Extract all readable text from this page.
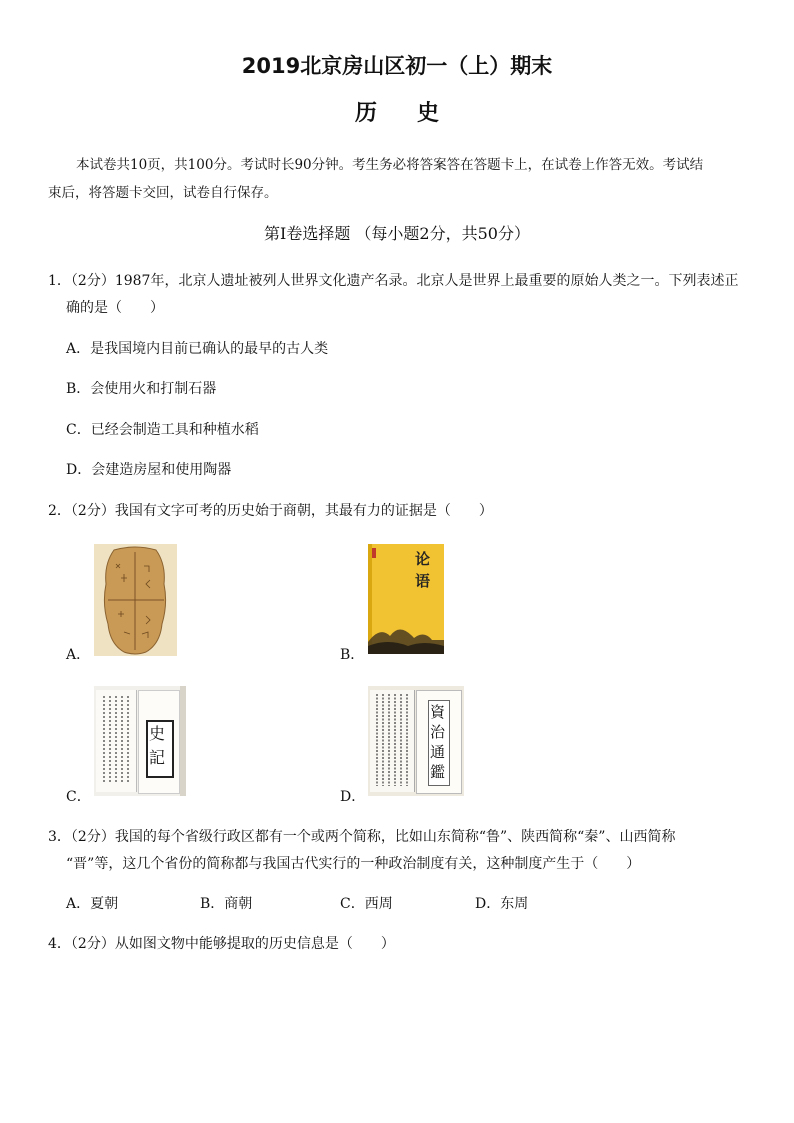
2019北京房山区初一（上）期末
历史
本试卷共10页，共100分。考试时长90分钟。考生务必将答案答在答题卡上，在试卷上作答无效。考试结
束后，将答题卡交回，试卷自行保存。
第Ⅰ卷选择题 （每小题2分，共50分）
1．（2分）1987年，北京人遗址被列人世界文化遗产名录。北京人是世界上最重要的原始人类之一。下列表述正
确的是（　　）
A．是我国境内目前已确认的最早的古人类
B．会使用火和打制石器
C．已经会制造工具和种植水稻
D．会建造房屋和使用陶器
2．（2分）我国有文字可考的历史始于商朝，其最有力的证据是（　　）
A．	B．
论语
C．
史記
D．
資治通鑑
3．（2分）我国的每个省级行政区都有一个或两个简称，比如山东简称“鲁”、陕西简称“秦”、山西简称
“晋”等，这几个省份的简称都与我国古代实行的一种政治制度有关，这种制度产生于（　　）
A．夏朝	B．商朝	C．西周	D．东周
4．（2分）从如图文物中能够提取的历史信息是（　　）
